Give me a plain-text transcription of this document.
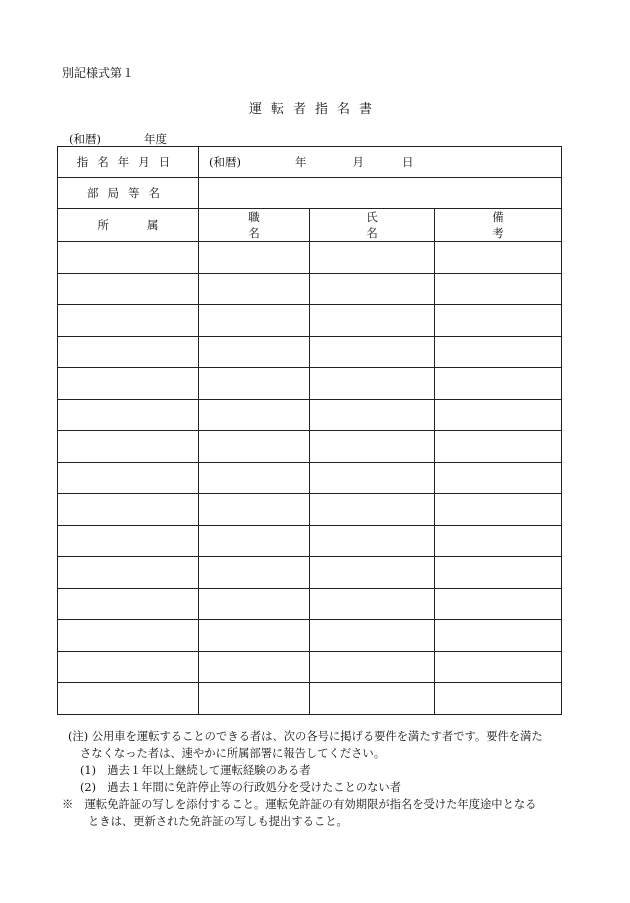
別記様式第１
運転者指名書
(和暦)	年度
指名年月日	(和暦) 年 月 日		
部局等名			
所属	職名	氏名	備考

(注) 公用車を運転することのできる者は、次の各号に掲げる要件を満たす者です。要件を満た
さなくなった者は、速やかに所属部署に報告してください。
(1)　過去１年以上継続して運転経験のある者
(2)　過去１年間に免許停止等の行政処分を受けたことのない者
※　運転免許証の写しを添付すること。運転免許証の有効期限が指名を受けた年度途中となる
ときは、更新された免許証の写しも提出すること。
